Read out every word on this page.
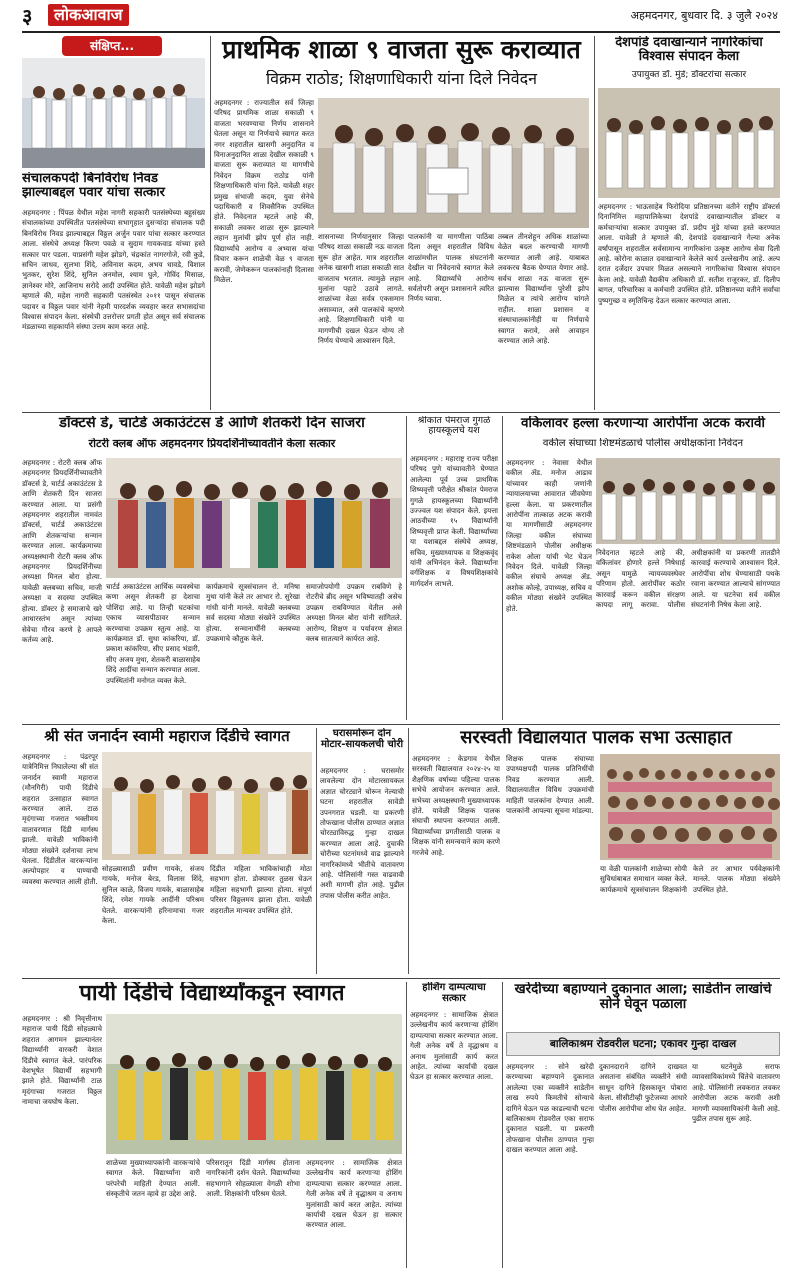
३	लोकआवाज	अहमदनगर, बुधवार दि. ३ जुलै २०२४
संक्षिप्त...
संचालकपदी बिनविरोध निवड झाल्याबद्दल पवार यांचा सत्कार
अहमदनगर : पिंपळ येथील महेश नागरी सहकारी पतसंस्थेच्या बहुसंख्य संचालकांच्या उपस्थितीत पतसंस्थेच्या सभागृहात दुसऱ्यांदा संचालक पदी बिनविरोध निवड झाल्याबद्दल विठ्ठल अर्जुन पवार यांचा सत्कार करण्यात आला. संस्थेचे अध्यक्ष किरण पवळे व सुदाम गायकवाड यांच्या हस्ते सत्कार पार पडला. याप्रसंगी महेश झोडगे, चंद्रकांत नागरगोजे, रवी कुडे, सचिन जाधव, सुलभा शिंदे, अविनाश कदम, अभय धावडे, विशाल भुतकर, सुरेश शिंदे, सुनिल अनमोल, श्याम घुले, गोविंद मिसाळ, ज्ञानेश्वर मोरे, आजिनाथ सरोदे आदी उपस्थित होते. यावेळी महेश झोडगे म्हणाले की, महेश नागरी सहकारी पतसंस्थेत २०११ पासून संचालक पदावर व विठ्ठल पवार यांनी नेहमी पारदर्शक व्यवहार करत सभासदांचा विश्वास संपादन केला. संस्थेची उत्तरोत्तर प्रगती होत असून सर्व संचालक मंडळाच्या सहकार्याने संस्था उत्तम काम करत आहे.
प्राथमिक शाळा ९ वाजता सुरू कराव्यात
विक्रम राठोड; शिक्षणाधिकारी यांना दिले निवेदन
अहमदनगर : राज्यातील सर्व जिल्हा परिषद प्राथमिक शाळा सकाळी ९ वाजता भरवण्याचा निर्णय शासनाने घेतला असून या निर्णयाचे स्वागत करत नगर शहरातील खासगी अनुदानित व विनाअनुदानित शाळा देखील सकाळी ९ वाजता सुरू कराव्यात या मागणीचे निवेदन विक्रम राठोड यांनी शिक्षणाधिकारी यांना दिले. यावेळी शहर प्रमुख संभाजी कदम, युवा सेनेचे पदाधिकारी व शिवसैनिक उपस्थित होते. निवेदनात म्हटले आहे की, सकाळी लवकर शाळा सुरू झाल्याने लहान मुलांची झोप पूर्ण होत नाही. विद्यार्थ्यांचे आरोग्य व अभ्यास यांचा विचार करून शाळेची वेळ ९ वाजता करावी, जेणेकरून पालकांनाही दिलासा मिळेल.
शासनाच्या निर्णयानुसार जिल्हा परिषद शाळा सकाळी नऊ वाजता सुरू होत आहेत. मात्र शहरातील अनेक खासगी शाळा सकाळी सात वाजताच भरतात. त्यामुळे लहान मुलांना पहाटे उठावे लागते. शाळांच्या वेळा सर्वत्र एकसमान असाव्यात, असे पालकांचे म्हणणे आहे. शिक्षणाधिकारी यांनी या मागणीची दखल घेऊन योग्य तो निर्णय घेण्याचे आश्वासन दिले.
पालकांनी या मागणीला पाठिंबा दिला असून शहरातील विविध शाळांमधील पालक संघटनांनी देखील या निवेदनाचे स्वागत केले आहे. विद्यार्थ्यांचे आरोग्य सर्वतोपरी असून प्रशासनाने त्वरित निर्णय घ्यावा.
तब्बल तीनशेहून अधिक शाळांच्या वेळेत बदल करण्याची मागणी करण्यात आली आहे. याबाबत लवकरच बैठक घेण्यात येणार आहे. सर्वच शाळा नऊ वाजता सुरू झाल्यास विद्यार्थ्यांना पुरेशी झोप मिळेल व त्यांचे आरोग्य चांगले राहील. शाळा प्रशासन व संस्थाचालकांनीही या निर्णयाचे स्वागत करावे, असे आवाहन करण्यात आले आहे.
देशपांडे दवाखान्याने नागरिकांचा विश्वास संपादन केला
उपायुक्त डॉ. मुंडे; डॉक्टरांचा सत्कार
अहमदनगर : भाऊसाहेब फिरोदिया प्रतिष्ठानच्या वतीने राष्ट्रीय डॉक्टर्स दिनानिमित्त महापालिकेच्या देशपांडे दवाखान्यातील डॉक्टर व कर्मचाऱ्यांचा सत्कार उपायुक्त डॉ. प्रदीप मुंडे यांच्या हस्ते करण्यात आला. यावेळी ते म्हणाले की, देशपांडे दवाखान्याने गेल्या अनेक वर्षांपासून शहरातील सर्वसामान्य नागरिकांना उत्कृष्ट आरोग्य सेवा दिली आहे. कोरोना काळात दवाखान्याने केलेले कार्य उल्लेखनीय आहे. अल्प दरात दर्जेदार उपचार मिळत असल्याने नागरिकांचा विश्वास संपादन केला आहे. यावेळी वैद्यकीय अधिकारी डॉ. सतीश राजूरकर, डॉ. दिलीप बागल, परिचारिका व कर्मचारी उपस्थित होते. प्रतिष्ठानच्या वतीने सर्वांचा पुष्पगुच्छ व स्मृतिचिन्ह देऊन सत्कार करण्यात आला.
डॉक्टर्स डे, चार्टर्ड अकाउंटंटस डे आणि शेतकरी दिन साजरा
रोटरी क्लब ऑफ अहमदनगर प्रियदर्शिनीच्यावतीने केला सत्कार
अहमदनगर : रोटरी क्लब ऑफ अहमदनगर प्रियदर्शिनीच्यावतीने डॉक्टर्स डे, चार्टर्ड अकाउंटंटस डे आणि शेतकरी दिन साजरा करण्यात आला. या प्रसंगी अहमदनगर शहरातील नामवंत डॉक्टर्स, चार्टर्ड अकाउंटंटस आणि शेतकऱ्यांचा सन्मान करण्यात आला. कार्यक्रमाच्या अध्यक्षस्थानी रोटरी क्लब ऑफ अहमदनगर प्रियदर्शिनीच्या अध्यक्षा मिनल बोरा होत्या. यावेळी क्लबच्या सचिव, माजी अध्यक्षा व सदस्या उपस्थित होत्या. डॉक्टर हे समाजाचे खरे आधारस्तंभ असून त्यांच्या सेवेचा गौरव करणे हे आपले कर्तव्य आहे.
चार्टर्ड अकाउंटंटस आर्थिक व्यवस्थेचा कणा असून शेतकरी हा देशाचा पोशिंदा आहे. या तिन्ही घटकांचा एकाच व्यासपीठावर सन्मान करण्याचा उपक्रम स्तुत्य आहे. या कार्यक्रमात डॉ. सुधा कांकरिया, डॉ. प्रकाश कांकरिया, सीए प्रसाद भंडारी, सीए अजय मुथा, शेतकरी बाळासाहेब शिंदे आदींचा सन्मान करण्यात आला. उपस्थितांनी मनोगत व्यक्त केले.
कार्यक्रमाचे सूत्रसंचालन रो. मनिषा मुथा यांनी केले तर आभार रो. सुरेखा गांधी यांनी मानले. यावेळी क्लबच्या सर्व सदस्या मोठ्या संख्येने उपस्थित होत्या. सन्मानार्थींनी क्लबच्या उपक्रमाचे कौतुक केले.
समाजोपयोगी उपक्रम राबविणे हे रोटरीचे ब्रीद असून भविष्यातही असेच उपक्रम राबविण्यात येतील असे अध्यक्षा मिनल बोरा यांनी सांगितले. आरोग्य, शिक्षण व पर्यावरण क्षेत्रात क्लब सातत्याने कार्यरत आहे.
श्रीकांत पेमराज गुगळे हायस्कूलचे यश
अहमदनगर : महाराष्ट्र राज्य परीक्षा परिषद पुणे यांच्यावतीने घेण्यात आलेल्या पूर्व उच्च प्राथमिक शिष्यवृत्ती परीक्षेत श्रीकांत पेमराज गुगळे हायस्कूलच्या विद्यार्थ्यांनी उज्ज्वल यश संपादन केले. इयत्ता आठवीच्या १५ विद्यार्थ्यांनी शिष्यवृत्ती प्राप्त केली. विद्यार्थ्यांच्या या यशाबद्दल संस्थेचे अध्यक्ष, सचिव, मुख्याध्यापक व शिक्षकवृंद यांनी अभिनंदन केले. विद्यार्थ्यांना वर्गशिक्षक व विषयशिक्षकांचे मार्गदर्शन लाभले.
वकिलावर हल्ला करणाऱ्या आरोपींना अटक करावी
वकील संघाच्या शिष्टमंडळाचे पोलीस अधीक्षकांना निवेदन
अहमदनगर : नेवासा येथील वकील ॲड. मनोज आढाव यांच्यावर काही जणांनी न्यायालयाच्या आवारात जीवघेणा हल्ला केला. या प्रकरणातील आरोपींना तात्काळ अटक करावी या मागणीसाठी अहमदनगर जिल्हा वकील संघाच्या शिष्टमंडळाने पोलीस अधीक्षक राकेश ओला यांची भेट घेऊन निवेदन दिले. यावेळी जिल्हा वकील संघाचे अध्यक्ष ॲड. अशोक कोल्हे, उपाध्यक्ष, सचिव व वकील मोठ्या संख्येने उपस्थित होते.
निवेदनात म्हटले आहे की, वकिलांवर होणारे हल्ले निषेधार्ह असून यामुळे न्यायव्यवस्थेवर परिणाम होतो. आरोपींवर कठोर कारवाई करून वकील संरक्षण कायदा लागू करावा. पोलीस अधीक्षकांनी या प्रकरणी तातडीने कारवाई करण्याचे आश्वासन दिले. आरोपींचा शोध घेण्यासाठी पथके रवाना करण्यात आल्याचे सांगण्यात आले. या घटनेचा सर्व वकील संघटनांनी निषेध केला आहे.
श्री संत जनार्दन स्वामी महाराज दिंडीचे स्वागत
अहमदनगर : पंढरपूर यात्रेनिमित्त निघालेल्या श्री संत जनार्दन स्वामी महाराज (मौनगिरी) पायी दिंडीचे शहरात उत्साहात स्वागत करण्यात आले. टाळ मृदंगाच्या गजरात भक्तीमय वातावरणात दिंडी मार्गस्थ झाली. यावेळी भाविकांनी मोठ्या संख्येने दर्शनाचा लाभ घेतला. दिंडीतील वारकऱ्यांना अल्पोपहार व पाण्याची व्यवस्था करण्यात आली होती.
सोहळ्यासाठी प्रवीण गायके, संजय गायके, मनोज बेरड, विलास शिंदे, सुनिल काळे, विजय गायके, बाळासाहेब शिंदे, रमेश गायके आदींनी परिश्रम घेतले. वारकऱ्यांनी हरिनामाचा गजर केला.
दिंडीत महिला भाविकांचाही मोठा सहभाग होता. डोक्यावर तुळस घेऊन महिला सहभागी झाल्या होत्या. संपूर्ण परिसर विठ्ठलमय झाला होता. यावेळी शहरातील मान्यवर उपस्थित होते.
घरासमोरून दोन मोटार-सायकलची चोरी
अहमदनगर : घरासमोर लावलेल्या दोन मोटारसायकल अज्ञात चोरट्याने चोरून नेल्याची घटना शहरातील सावेडी उपनगरात घडली. या प्रकरणी तोफखाना पोलीस ठाण्यात अज्ञात चोरट्याविरुद्ध गुन्हा दाखल करण्यात आला आहे. दुचाकी चोरीच्या घटनांमध्ये वाढ झाल्याने नागरिकांमध्ये भीतीचे वातावरण आहे. पोलिसांनी गस्त वाढवावी अशी मागणी होत आहे. पुढील तपास पोलीस करीत आहेत.
सरस्वती विद्यालयात पालक सभा उत्साहात
अहमदनगर : केडगाव येथील सरस्वती विद्यालयात २०२४-२५ या शैक्षणिक वर्षाच्या पहिल्या पालक सभेचे आयोजन करण्यात आले. सभेच्या अध्यक्षस्थानी मुख्याध्यापक होते. यावेळी शिक्षक पालक संघाची स्थापना करण्यात आली. विद्यार्थ्यांच्या प्रगतीसाठी पालक व शिक्षक यांनी समन्वयाने काम करणे गरजेचे आहे.
शिक्षक पालक संघाच्या उपाध्यक्षपदी पालक प्रतिनिधींची निवड करण्यात आली. विद्यालयातील विविध उपक्रमांची माहिती पालकांना देण्यात आली. पालकांनी आपल्या सूचना मांडल्या.
या वेळी पालकांनी शाळेच्या सोयी सुविधांबाबत समाधान व्यक्त केले. कार्यक्रमाचे सूत्रसंचालन शिक्षकांनी केले तर आभार पर्यवेक्षकांनी मानले. पालक मोठ्या संख्येने उपस्थित होते.
पायी दिंडीचे विद्यार्थ्यांकडून स्वागत
अहमदनगर : श्री निवृत्तीनाथ महाराज पायी दिंडी सोहळ्याचे शहरात आगमन झाल्यानंतर विद्यार्थ्यांनी वारकरी वेशात दिंडीचे स्वागत केले. पारंपरिक वेशभूषेत विद्यार्थी सहभागी झाले होते. विद्यार्थ्यांनी टाळ मृदंगाच्या गजरात विठ्ठल नामाचा जयघोष केला.
शाळेच्या मुख्याध्यापकांनी वारकऱ्यांचे स्वागत केले. विद्यार्थ्यांना वारी परंपरेची माहिती देण्यात आली. संस्कृतीचे जतन व्हावे हा उद्देश आहे.
परिसरातून दिंडी मार्गस्थ होताना नागरिकांनी दर्शन घेतले. विद्यार्थ्यांच्या सहभागाने सोहळ्याला वेगळी शोभा आली. शिक्षकांनी परिश्रम घेतले.
अहमदनगर : सामाजिक क्षेत्रात उल्लेखनीय कार्य करणाऱ्या होशिंग दाम्पत्याचा सत्कार करण्यात आला. गेली अनेक वर्षे ते वृद्धाश्रम व अनाथ मुलांसाठी कार्य करत आहेत. त्यांच्या कार्याची दखल घेऊन हा सत्कार करण्यात आला.
होशिंग दाम्पत्याचा सत्कार
अहमदनगर : सामाजिक क्षेत्रात उल्लेखनीय कार्य करणाऱ्या होशिंग दाम्पत्याचा सत्कार करण्यात आला. गेली अनेक वर्षे ते वृद्धाश्रम व अनाथ मुलांसाठी कार्य करत आहेत. त्यांच्या कार्याची दखल घेऊन हा सत्कार करण्यात आला.
खरेदीच्या बहाण्याने दुकानात आला; साडेतीन लाखांचे सोने घेवून पळाला
बालिकाश्रम रोडवरील घटना; एकावर गुन्हा दाखल
अहमदनगर : सोने खरेदी करण्याच्या बहाण्याने दुकानात आलेल्या एका व्यक्तीने साडेतीन लाख रुपये किमतीचे सोन्याचे दागिने घेऊन पळ काढल्याची घटना बालिकाश्रम रोडवरील एका सराफ दुकानात घडली. या प्रकरणी तोफखाना पोलीस ठाण्यात गुन्हा दाखल करण्यात आला आहे.
दुकानदाराने दागिने दाखवत असताना संबंधित व्यक्तीने संधी साधून दागिने हिसकावून पोबारा केला. सीसीटीव्ही फुटेजच्या आधारे पोलीस आरोपीचा शोध घेत आहेत.
या घटनेमुळे सराफ व्यावसायिकांमध्ये चिंतेचे वातावरण आहे. पोलिसांनी लवकरात लवकर आरोपीला अटक करावी अशी मागणी व्यावसायिकांनी केली आहे. पुढील तपास सुरू आहे.
